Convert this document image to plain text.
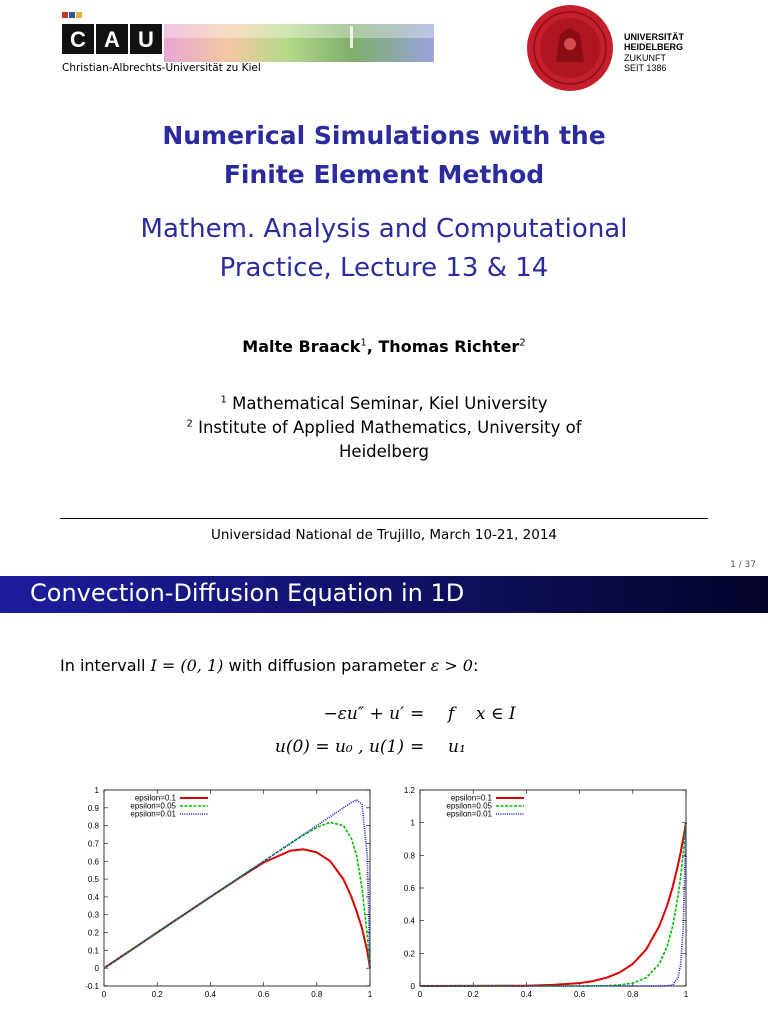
C A U
Christian-Albrechts-Universität zu Kiel
UNIVERSITÄT
HEIDELBERG
ZUKUNFT
SEIT 1386
Numerical Simulations with the
Finite Element Method
Mathem. Analysis and Computational
Practice, Lecture 13 & 14
Malte Braack$^1$, Thomas Richter$^2$
$^1$ Mathematical Seminar, Kiel University
$^2$ Institute of Applied Mathematics, University of Heidelberg
Universidad National de Trujillo, March 10-21, 2014
1 / 37
Convection-Diffusion Equation in 1D
In intervall I = (0, 1) with diffusion parameter ε > 0:
−εu″ + u′ = f    x ∈ I
u(0) = u₀ , u(1) = u₁
0	0.2	0.4	0.6	0.8	1
-0.1
0
0.1
0.2
0.3
0.4
0.5
0.6
0.7
0.8
0.9
1
epsilon=0.1
epsilon=0.05
epsilon=0.01
0	0.2	0.4	0.6	0.8	1
0
0.2
0.4
0.6
0.8
1
1.2
epsilon=0.1
epsilon=0.05
epsilon=0.01
